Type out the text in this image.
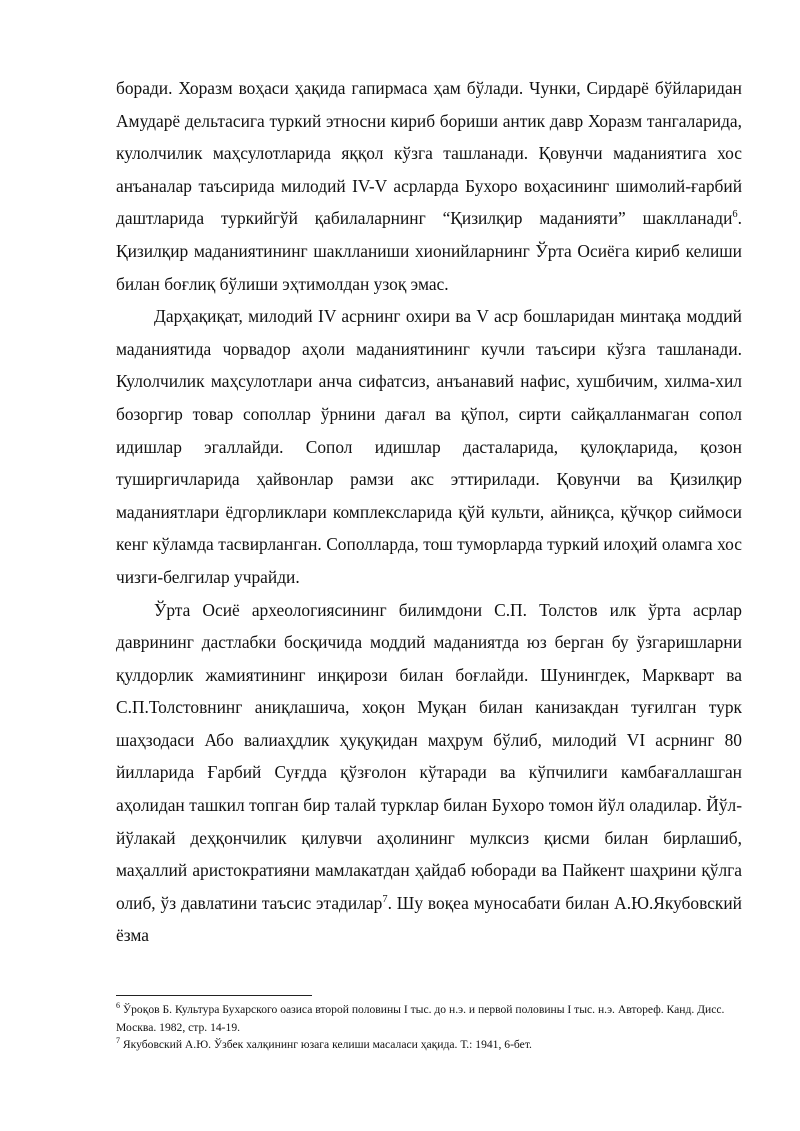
боради. Хоразм воҳаси ҳақида гапирмаса ҳам бўлади. Чунки, Сирдарё бўйларидан Амударё дельтасига туркий этносни кириб бориши антик давр Хоразм тангаларида, кулолчилик маҳсулотларида яққол кўзга ташланади. Қовунчи маданиятига хос анъаналар таъсирида милодий IV-V асрларда Бухоро воҳасининг шимолий-ғарбий даштларида туркийгўй қабилаларнинг “Қизилқир маданияти” шаклланади$^6$. Қизилқир маданиятининг шаклланиши хионийларнинг Ўрта Осиёга кириб келиши билан боғлиқ бўлиши эҳтимолдан узоқ эмас.

Дарҳақиқат, милодий IV асрнинг охири ва V аср бошларидан минтақа моддий маданиятида чорвадор аҳоли маданиятининг кучли таъсири кўзга ташланади. Кулолчилик маҳсулотлари анча сифатсиз, анъанавий нафис, хушбичим, хилма-хил бозоргир товар сополлар ўрнини дағал ва қўпол, сирти сайқалланмаган сопол идишлар эгаллайди. Сопол идишлар дасталарида, қулоқларида, қозон туширгичларида ҳайвонлар рамзи акс эттирилади. Қовунчи ва Қизилқир маданиятлари ёдгорликлари комплексларида қўй культи, айниқса, қўчқор сиймоси кенг кўламда тасвирланган. Сополларда, тош туморларда туркий илоҳий оламга хос чизги-белгилар учрайди.

Ўрта Осиё археологиясининг билимдони С.П. Толстов илк ўрта асрлар даврининг дастлабки босқичида моддий маданиятда юз берган бу ўзгаришларни қулдорлик жамиятининг инқирози билан боғлайди. Шунингдек, Маркварт ва С.П.Толстовнинг аниқлашича, хоқон Муқан билан канизакдан туғилган турк шаҳзодаси Або валиаҳдлик ҳуқуқидан маҳрум бўлиб, милодий VI асрнинг 80 йилларида Ғарбий Суғдда қўзғолон кўтаради ва кўпчилиги камбағаллашган аҳолидан ташкил топган бир талай турклар билан Бухоро томон йўл оладилар. Йўл-йўлакай деҳқончилик қилувчи аҳолининг мулксиз қисми билан бирлашиб, маҳаллий аристократияни мамлакатдан ҳайдаб юборади ва Пайкент шаҳрини қўлга олиб, ўз давлатини таъсис этадилар$^7$. Шу воқеа муносабати билан А.Ю.Якубовский ёзма

$^6$ Ўроқов Б. Культура Бухарского оазиса второй половины I тыс. до н.э. и первой половины I тыс. н.э. Автореф. Канд. Дисс. Москва. 1982, стр. 14-19.

$^7$ Якубовский А.Ю. Ўзбек халқининг юзага келиши масаласи ҳақида. Т.: 1941, 6-бет.
